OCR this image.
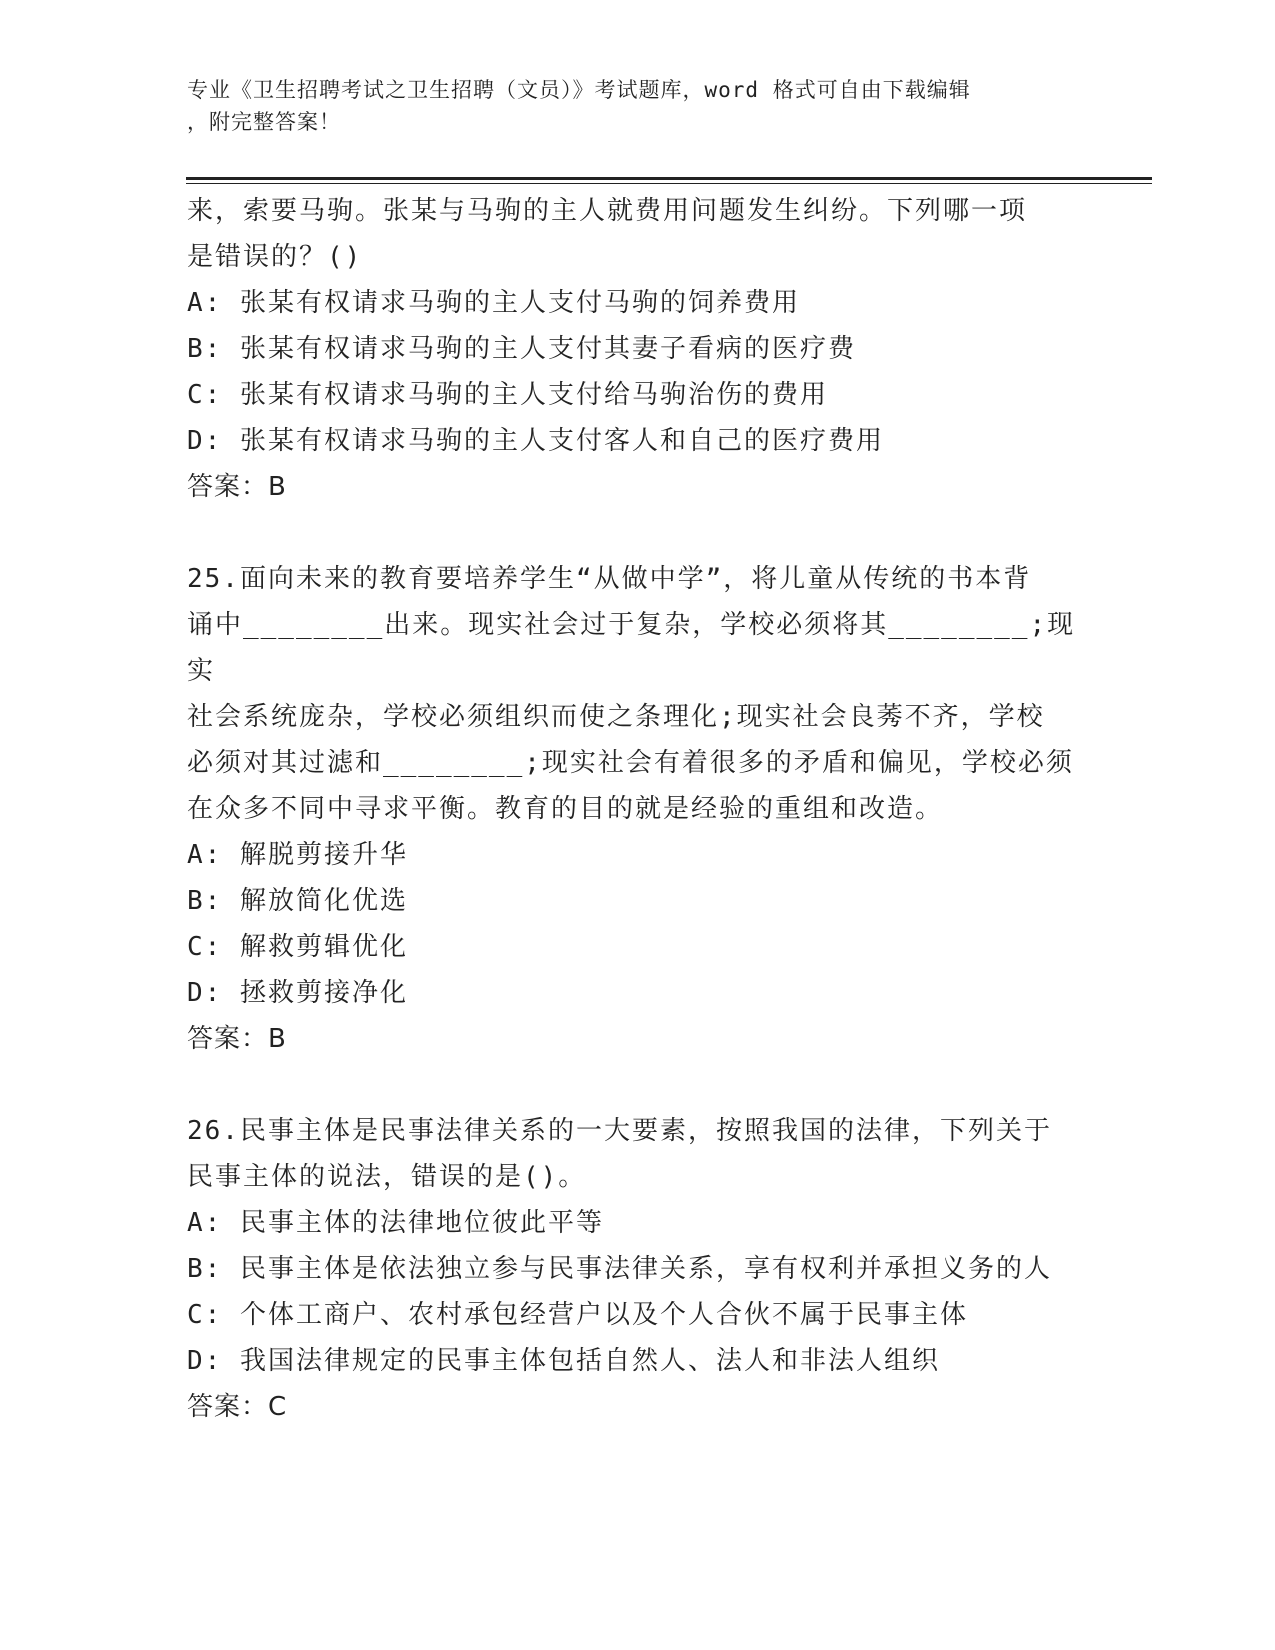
专业《卫生招聘考试之卫生招聘（文员）》考试题库，word 格式可自由下载编辑
，附完整答案！

来，索要马驹。张某与马驹的主人就费用问题发生纠纷。下列哪一项

是错误的？()

A: 张某有权请求马驹的主人支付马驹的饲养费用

B: 张某有权请求马驹的主人支付其妻子看病的医疗费

C: 张某有权请求马驹的主人支付给马驹治伤的费用

D: 张某有权请求马驹的主人支付客人和自己的医疗费用

答案：B

25.面向未来的教育要培养学生“从做中学”，将儿童从传统的书本背

诵中________出来。现实社会过于复杂，学校必须将其________;现实

社会系统庞杂，学校必须组织而使之条理化;现实社会良莠不齐，学校

必须对其过滤和________;现实社会有着很多的矛盾和偏见，学校必须

在众多不同中寻求平衡。教育的目的就是经验的重组和改造。

A: 解脱剪接升华

B: 解放简化优选

C: 解救剪辑优化

D: 拯救剪接净化

答案：B

26.民事主体是民事法律关系的一大要素，按照我国的法律，下列关于

民事主体的说法，错误的是()。

A: 民事主体的法律地位彼此平等

B: 民事主体是依法独立参与民事法律关系，享有权利并承担义务的人

C: 个体工商户、农村承包经营户以及个人合伙不属于民事主体

D: 我国法律规定的民事主体包括自然人、法人和非法人组织

答案：C
